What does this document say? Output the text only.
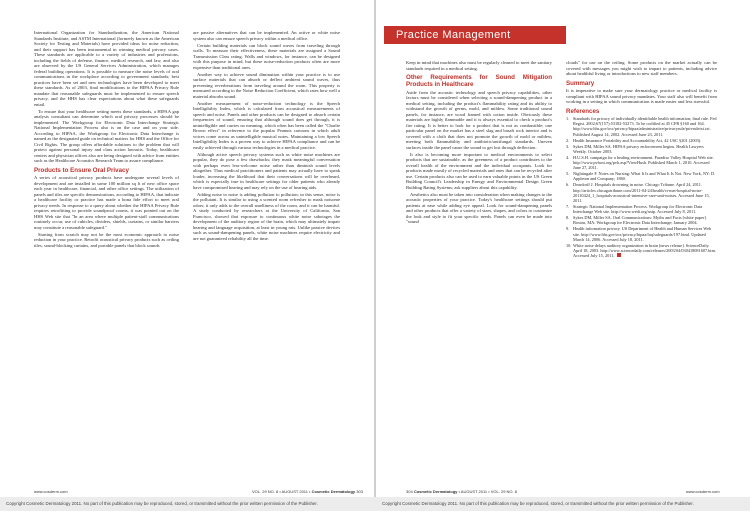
International Organization for Standardization, the American National Standards Institute, and ASTM International (formerly known as the American Society for Testing and Materials) have provided ideas for noise reduction, and their support has been instrumental in winning medical privacy cases. These standards are applicable to a variety of industries and professions, including the fields of defense, finance, medical research, and law, and also are observed by the US General Services Administration, which manages federal building operations. It is possible to measure the noise levels of oral communications in the workplace according to government standards; best practices have been set and new technologies have been developed to meet these standards. As of 2003, final modifications to the HIPAA Privacy Rule mandate that reasonable safeguards must be implemented to ensure speech privacy, and the HHS has clear expectations about what these safeguards entail.

To ensure that your healthcare setting meets these standards, a HIPAA gap analysis consultant can determine which oral privacy processes should be implemented. The Workgroup for Electronic Data Interchange Strategic National Implementation Process also is on the case and on your side. According to HIPAA, the Workgroup for Electronic Data Interchange is named as the designated guide on technical matters for HHS and the Office for Civil Rights. The group offers affordable solutions to the problem that will protect against personal injury and class action lawsuits. Today, healthcare centers and physician offices also are being designed with advice from entities such as the Healthcare Acoustics Research Team to assure compliance.

Products to Ensure Oral Privacy

A series of acoustical privacy products have undergone several levels of development and are installed in some 100 million sq ft of new office space each year in healthcare, financial, and other office settings. The utilization of panels and tiles are specific demonstrations, according to HIPAA, that indicate a healthcare facility or practice has made a bona fide effort to meet oral privacy needs. In response to a query about whether the HIPAA Privacy Rule requires retrofitting to provide soundproof rooms, it was pointed out on the HHS Web site that "In an area where multiple patient-staff communications routinely occur, use of cubicles, dividers, shields, curtains, or similar barriers may constitute a reasonable safeguard."

Starting from scratch may not be the most economic approach to noise reduction in your practice. Retrofit acoustical privacy products such as ceiling tiles, sound-blocking curtains, and portable panels that block sounds

are passive alternatives that can be implemented. An active or white noise system also can ensure speech privacy within a medical office.

Certain building materials can block sound waves from traveling through walls. To measure their effectiveness, these materials are assigned a Sound Transmission Class rating. Walls and windows, for instance, can be designed with this purpose in mind, but these noise-reduction products often are more expensive than traditional ones.

Another way to achieve sound diminution within your practice is to use surface materials that can absorb or deflect ambient sound waves, thus preventing reverberations from traveling around the room. This property is measured according to the Noise Reduction Coefficient, which rates how well a material absorbs sound.

Another measurement of noise-reduction technology is the Speech Intelligibility Index, which is calculated from acoustical measurements of speech and noise. Panels and other products can be designed to absorb certain frequencies of sound, ensuring that although sound does get through, it is unintelligible and carries no meaning, which often has been called the "Charlie Brown effect" in reference to the popular Peanuts cartoons in which adult voices come across as unintelligible musical notes. Maintaining a low Speech Intelligibility Index is a proven way to achieve HIPAA compliance and can be easily achieved through various technologies in a medical practice.

Although active speech privacy systems such as white noise machines are popular, they do pose a few drawbacks; they mask meaningful conversation with perhaps even less-welcome noise rather than diminish sound levels altogether. Thus medical practitioners and patients may actually have to speak louder, increasing the likelihood that their conversations will be overheard, which is especially true in healthcare settings for older patients who already have compromised hearing and may rely on the use of hearing aids.

Adding noise to noise is adding pollution to pollution; in this sense, noise is the pollutant. It is similar to using a scented room refresher to mask noisome odors; it only adds to the overall smelliness of the room, and it can be harmful. A study conducted by researchers at the University of California, San Francisco, showed that exposure to continuous white noise sabotages the development of the auditory region of the brain, which may ultimately impair hearing and language acquisition, at least in young rats. Unlike passive devices such as sound-dampening panels, white noise machines require electricity and are not guaranteed reliability all the time.

www.cosderm.com	VOL. 29 NO. 8 • AUGUST 2011 • Cosmetic Dermatology 303

Keep in mind that machines also must be regularly cleaned to meet the sanitary standards required in a medical setting.

Other Requirements for Sound Mitigation Products in Healthcare

Aside from the acoustic technology and speech privacy capabilities, other factors must be considered when selecting a sound-dampening product in a medical setting, including the product's flammability rating and its ability to withstand the growth of germs, mold, and mildew. Some traditional sound panels, for instance, are wood framed with cotton inside. Obviously these materials are highly flammable and it is always essential to check a product's fire rating. It is better to look for a product that is not as combustible; one particular panel on the market has a steel slag and basalt rock interior and is covered with a cloth that does not promote the growth of mold or mildew, meeting both flammability and antibiotic/antifungal standards. Uneven surfaces inside the panel cause the sound to get lost through deflection.

It also is becoming more important to medical environments to select products that are sustainable, as the greenness of a product contributes to the overall health of the environment and the individual occupants. Look for products made mostly of recycled materials and ones that can be recycled after use. Certain products also can be used to earn valuable points in the US Green Building Council's Leadership in Energy and Environmental Design Green Building Rating Systems; ask suppliers about this capability.

Aesthetics also must be taken into consideration when making changes to the acoustic properties of your practice. Today's healthcare settings should put patients at ease while adding eye appeal. Look for sound-dampening panels and other products that offer a variety of sizes, shapes, and colors to customize the look and style to fit your specific needs. Panels can even be made into "sound

clouds" for use on the ceiling. Some products on the market actually can be covered with messages you might wish to impart to patients, including advice about healthful living or introductions to new staff members.

Summary

It is imperative to make sure your dermatology practice or medical facility is compliant with HIPAA sound privacy mandates. Your staff also will benefit from working in a setting in which communication is made easier and less stressful.

References
1. Standards for privacy of individually identifiable health information; final rule. Fed Regist. 2002;67(157):53182-53273. To be codified at 45 CFR §160 and 164. http://www.hhs.gov/ocr/privacy/hipaa/administrative/privacyrule/privruletxt.txt. Published August 14, 2002. Accessed June 23, 2011.
2. Health Insurance Portability and Accountability Act, 42 USC §201 (2003).
3. Sykes DM, Miller SA. HIPAA privacy enforcement begins. Health Lawyers Weekly. October 2003.
4. H.U.S.H. campaign for a healing environment. Paradiso Valley Hospital Web site. http://www.pvhost.org/pvh.asp?ViewHush. Published March 1, 2010. Accessed June 27, 2011.
5. Nightingale F. Notes on Nursing: What It Is and What It Is Not. New York, NY: D. Appleton and Company; 1860.
6. Deardorff J. Hospitals drowning in noise. Chicago Tribune. April 24, 2011. http://articles.chicagotribune.com/2011-04-24/health/ct-met-hospital-noise-20110424_1_hospitals-acoustical-intensive-care-unit-noises. Accessed June 15, 2011.
7. Strategic National Implementation Process. Workgroup for Electronic Data Interchange Web site. http://www.wedi.org/snip. Accessed July 8, 2011.
8. Sykes DM, Miller SA. Oral Communications: Myths and Facts [white paper]. Boston, MA: Workgroup for Electronic Data Interchange; January 2004.
9. Health information privacy. US Department of Health and Human Services Web site. http://www.hhs.gov/ocr/privacy/hipaa/faq/safeguards/197.html. Updated March 14, 2006. Accessed July 18, 2011.
10. White noise delays auditory organization in brain [news release]. ScienceDaily. April 18, 2003. http://www.sciencedaily.com/releases/2003/04/030418081607.htm. Accessed July 15, 2011.
304 Cosmetic Dermatology • AUGUST 2011 • VOL. 29 NO. 8	www.cosderm.com
Practice Management
Copyright Cosmetic Dermatology 2011. No part of this publication may be reproduced, stored, or transmitted without the prior written permission of the Publisher.	Copyright Cosmetic Dermatology 2011. No part of this publication may be reproduced, stored, or transmitted without the prior written permission of the Publisher.
